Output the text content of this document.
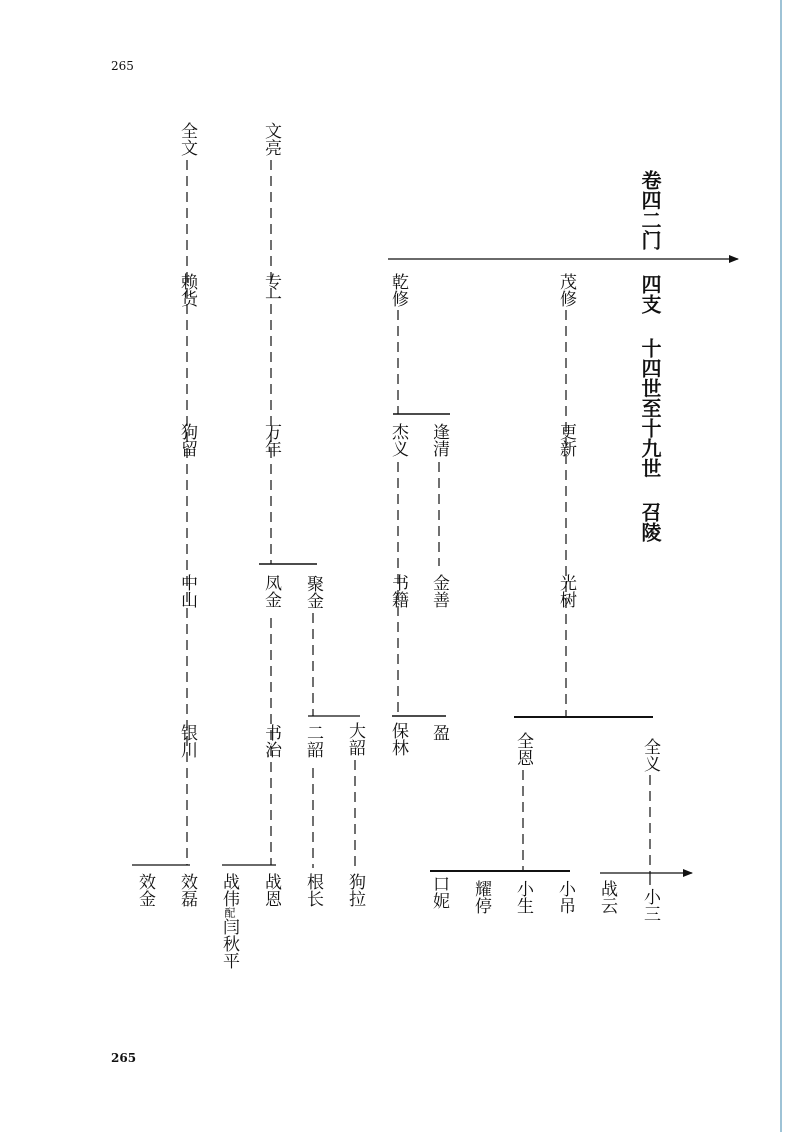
265
265
卷四二门 四支 十四世至十九世 召陵
全文
赖货
狗留
中山
银川
效金 效磊
文亮
专一
万年
凤金
书治
战伟配闫秋平
战恩
聚金
二韶
根长
大韶
狗拉
乾修
杰义
书籍
保林
逢清
金善
盈
茂修
更新
光树
全恩	全义
口妮 耀停 小生 小吊 战云 小三
